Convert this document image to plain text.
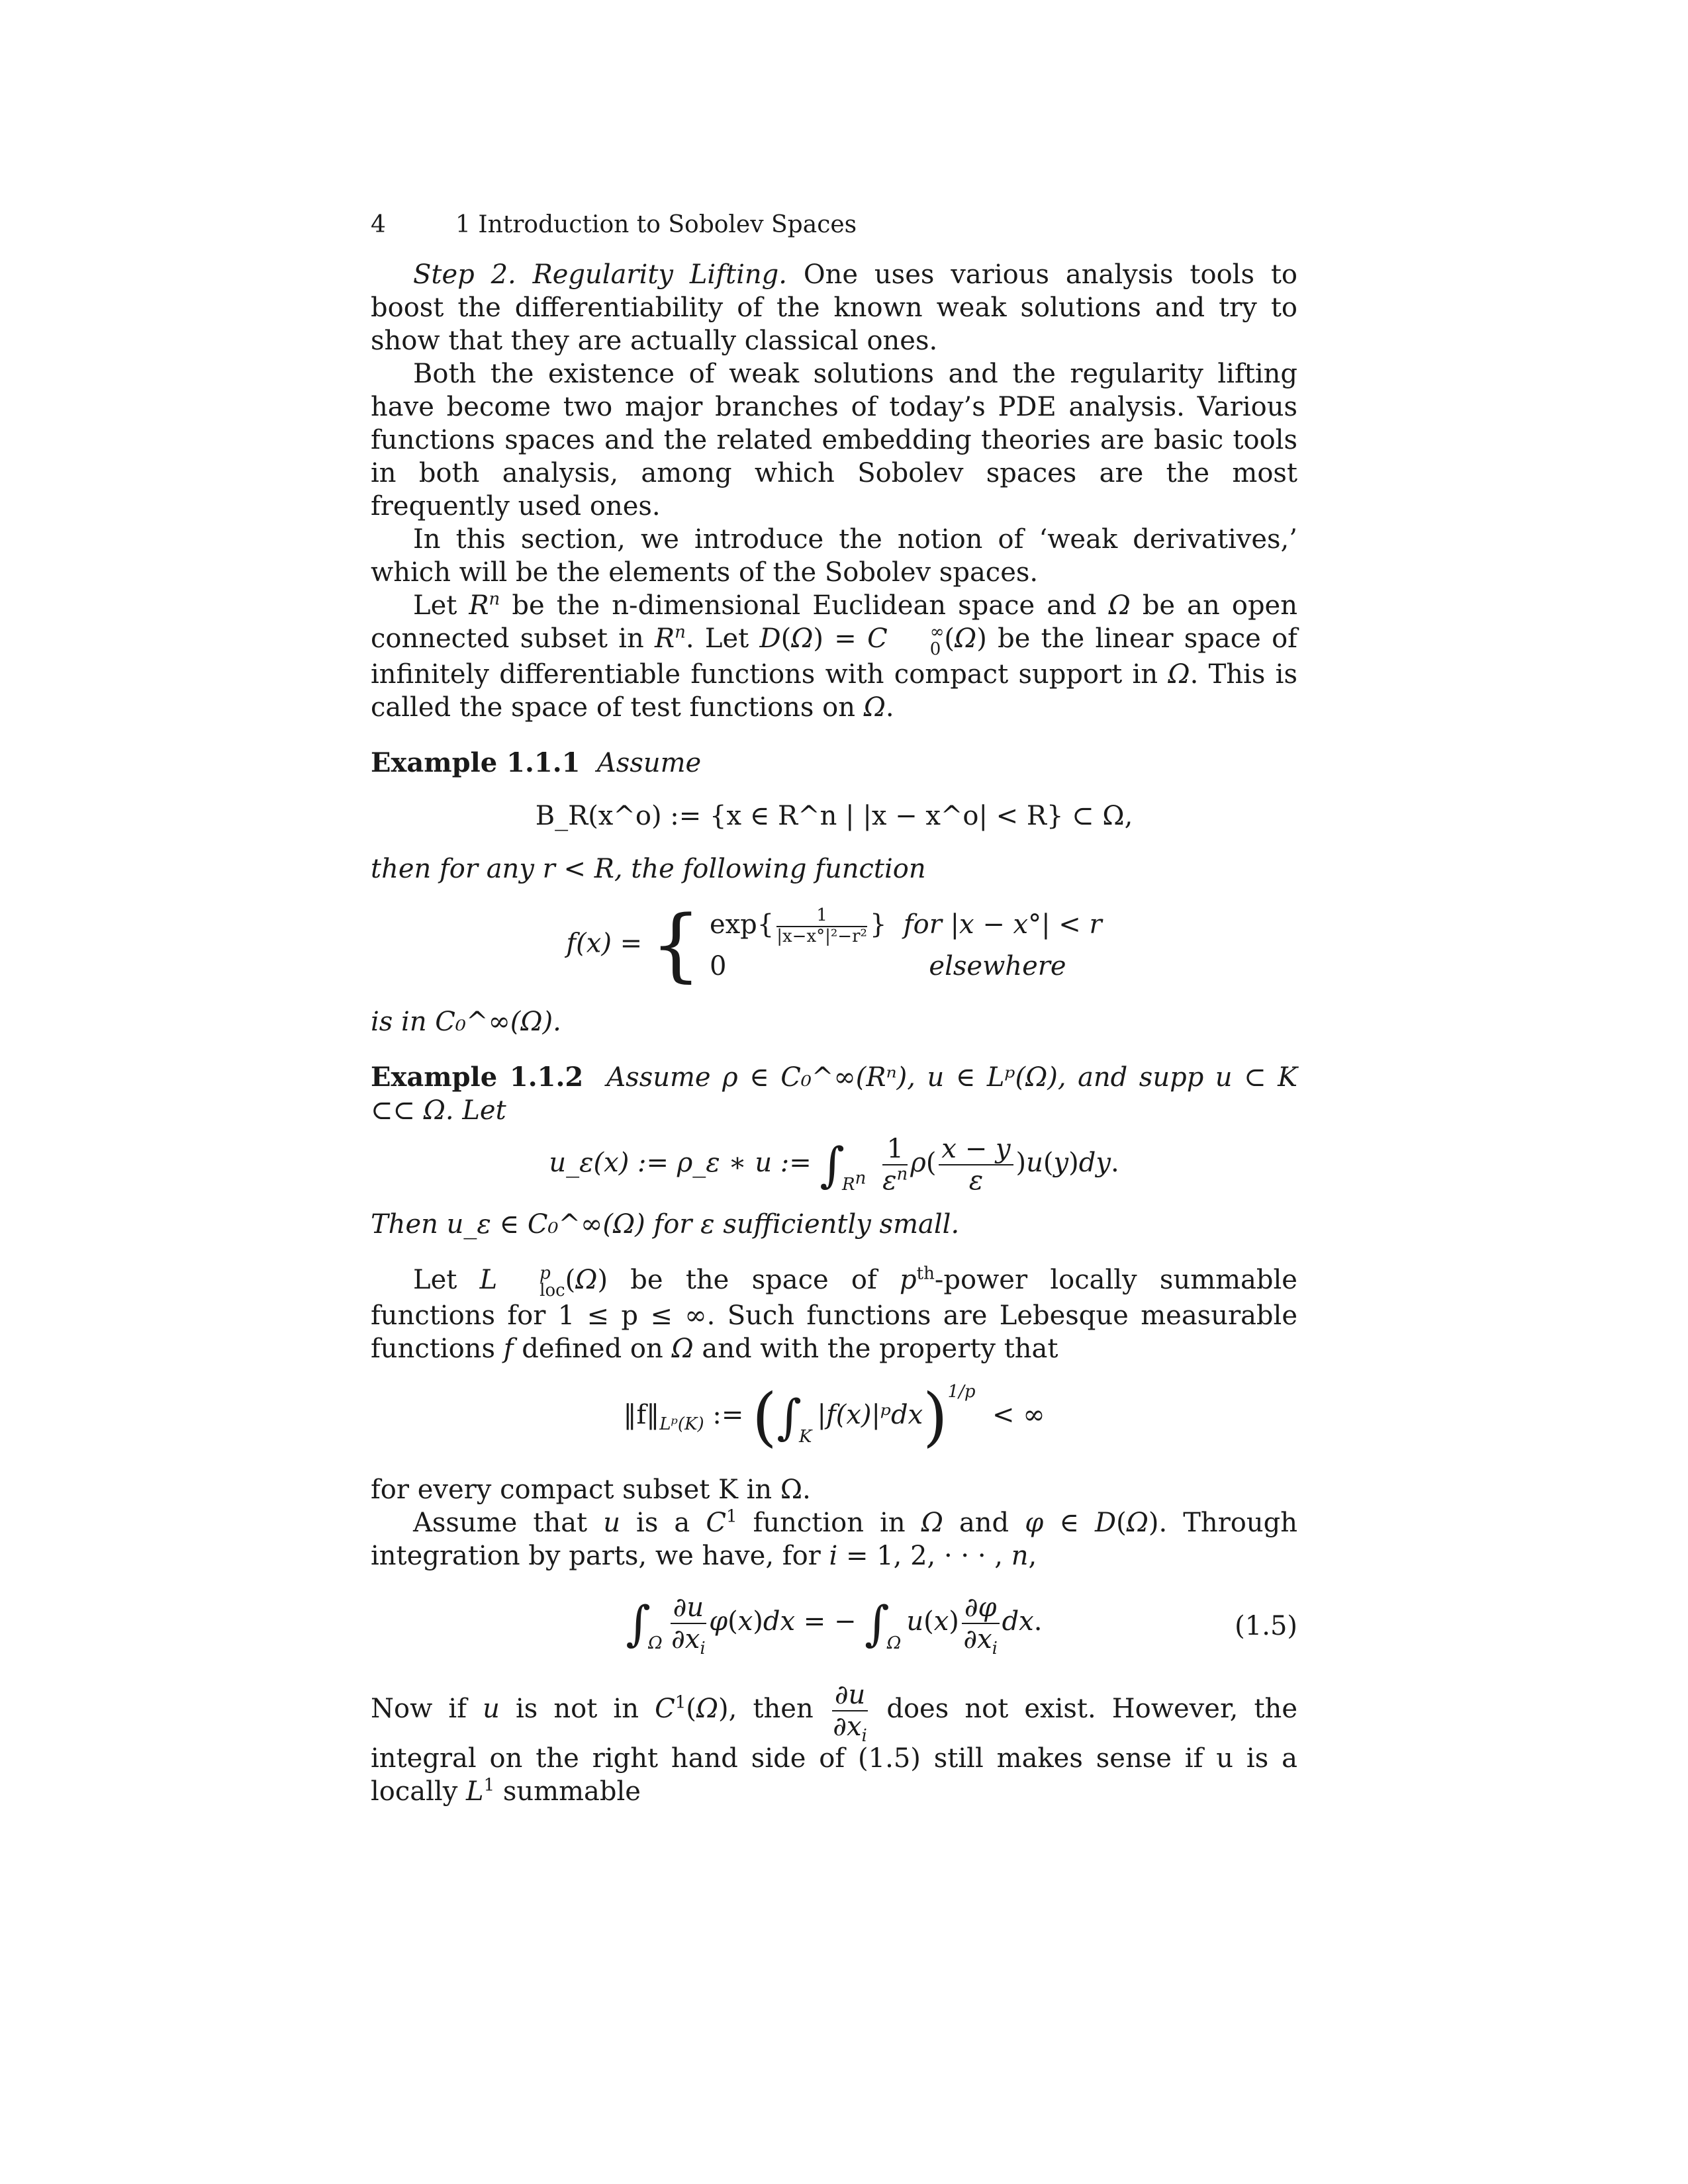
4	1 Introduction to Sobolev Spaces

Step 2. Regularity Lifting. One uses various analysis tools to boost the differentiability of the known weak solutions and try to show that they are actually classical ones.

Both the existence of weak solutions and the regularity lifting have become two major branches of today’s PDE analysis. Various functions spaces and the related embedding theories are basic tools in both analysis, among which Sobolev spaces are the most frequently used ones.

In this section, we introduce the notion of ‘weak derivatives,’ which will be the elements of the Sobolev spaces.

Let $R^n$ be the n-dimensional Euclidean space and Ω be an open connected subset in $R^n$. Let D(Ω) = C	∞
0 (Ω) be the linear space of infinitely differentiable functions with compact support in Ω. This is called the space of test functions on Ω.

Example 1.1.1 Assume

B_R(x^o) := {x ∈ R^n | |x − x^o| < R} ⊂ Ω,

then for any r < R, the following function

f(x) = { $\exp\{ \frac{1}{\text{|x−x°|²−r²}}$ } for |x − x°| < r
0	elsewhere

is in C₀^∞(Ω).

Example 1.1.2 Assume ρ ∈ C₀^∞(Rⁿ), u ∈ Lᵖ(Ω), and supp u ⊂ K ⊂⊂ Ω. Let

u_ε(x) := ρ_ε ∗ u := $\int_{R^n} \frac{1}{\varepsilon^n} \rho( \frac{x - y}{\varepsilon} )u(y)dy$.

Then u_ε ∈ C₀^∞(Ω) for ε sufficiently small.

Let L	p
loc (Ω) be the space of $p^{th}$-power locally summable functions for 1 ≤ p ≤ ∞. Such functions are Lebesque measurable functions f defined on Ω and with the property that

$‖f‖_{Lᵖ(K)}$ := $(\int_K|f(x)|ᵖdx)^{1/p}$  < ∞

for every compact subset K in Ω.

Assume that u is a $C^1$ function in Ω and φ ∈ D(Ω). Through integration by parts, we have, for i = 1, 2, · · · , n,

$\int_\Omega \frac{\partial u}{\partial x_i} \varphi(x)dx$ = − $\int_\Omega u(x) \frac{\partial\varphi}{\partial x_i}$ dx.	(1.5)

Now if u is not in $C^1(\Omega)$, then $\frac{\partial u}{\partial x_i}$ does not exist. However, the integral on the right hand side of (1.5) still makes sense if u is a locally $L^1$ summable
